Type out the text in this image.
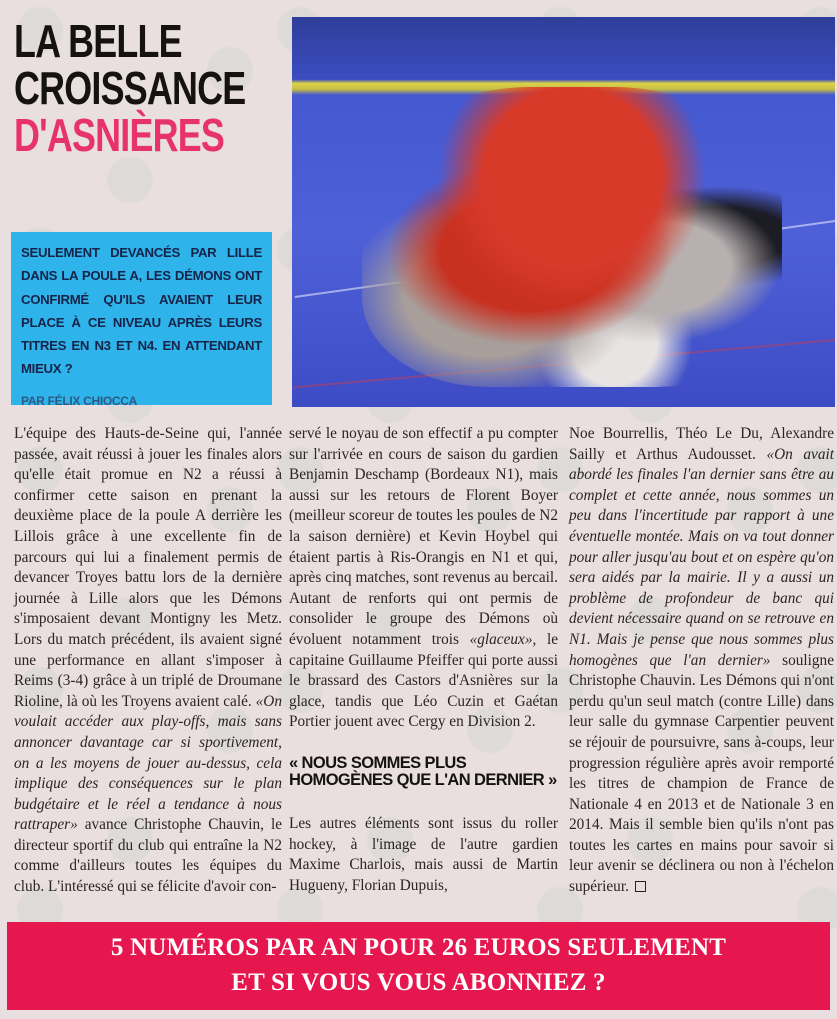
LA BELLE
CROISSANCE
D'ASNIÈRES
SEULEMENT DEVANCÉS PAR LILLE DANS LA POULE A, LES DÉMONS ONT CONFIRMÉ QU'ILS AVAIENT LEUR PLACE À CE NIVEAU APRÈS LEURS TITRES EN N3 ET N4. EN ATTENDANT MIEUX ?
PAR FÉLIX CHIOCCA

L'équipe des Hauts-de-Seine qui, l'année passée, avait réussi à jouer les finales alors qu'elle était promue en N2 a réussi à confirmer cette saison en prenant la deuxième place de la poule A derrière les Lillois grâce à une excellente fin de parcours qui lui a finalement permis de devancer Troyes battu lors de la dernière journée à Lille alors que les Démons s'imposaient devant Montigny les Metz. Lors du match précédent, ils avaient signé une performance en allant s'imposer à Reims (3-4) grâce à un triplé de Droumane Rioline, là où les Troyens avaient calé. «On voulait accéder aux play-offs, mais sans annoncer davantage car si sportivement, on a les moyens de jouer au-dessus, cela implique des conséquences sur le plan budgétaire et le réel a tendance à nous rattraper» avance Christophe Chauvin, le directeur sportif du club qui entraîne la N2 comme d'ailleurs toutes les équipes du club. L'intéressé qui se félicite d'avoir con-

servé le noyau de son effectif a pu compter sur l'arrivée en cours de saison du gardien Benjamin Deschamp (Bordeaux N1), mais aussi sur les retours de Florent Boyer (meilleur scoreur de toutes les poules de N2 la saison dernière) et Kevin Hoybel qui étaient partis à Ris-Orangis en N1 et qui, après cinq matches, sont revenus au bercail. Autant de renforts qui ont permis de consolider le groupe des Démons où évoluent notamment trois «glaceux», le capitaine Guillaume Pfeiffer qui porte aussi le brassard des Castors d'Asnières sur la glace, tandis que Léo Cuzin et Gaétan Portier jouent avec Cergy en Division 2.

« NOUS SOMMES PLUS HOMOGÈNES QUE L'AN DERNIER »

Les autres éléments sont issus du roller hockey, à l'image de l'autre gardien Maxime Charlois, mais aussi de Martin Hugueny, Florian Dupuis,

Noe Bourrellis, Théo Le Du, Alexandre Sailly et Arthus Audousset. «On avait abordé les finales l'an dernier sans être au complet et cette année, nous sommes un peu dans l'incertitude par rapport à une éventuelle montée. Mais on va tout donner pour aller jusqu'au bout et on espère qu'on sera aidés par la mairie. Il y a aussi un problème de profondeur de banc qui devient nécessaire quand on se retrouve en N1. Mais je pense que nous sommes plus homogènes que l'an dernier» souligne Christophe Chauvin. Les Démons qui n'ont perdu qu'un seul match (contre Lille) dans leur salle du gymnase Carpentier peuvent se réjouir de poursuivre, sans à-coups, leur progression régulière après avoir remporté les titres de champion de France de Nationale 4 en 2013 et de Nationale 3 en 2014. Mais il semble bien qu'ils n'ont pas toutes les cartes en mains pour savoir si leur avenir se déclinera ou non à l'échelon supérieur.

5 NUMÉROS PAR AN POUR 26 EUROS SEULEMENT
ET SI VOUS VOUS ABONNIEZ ?
